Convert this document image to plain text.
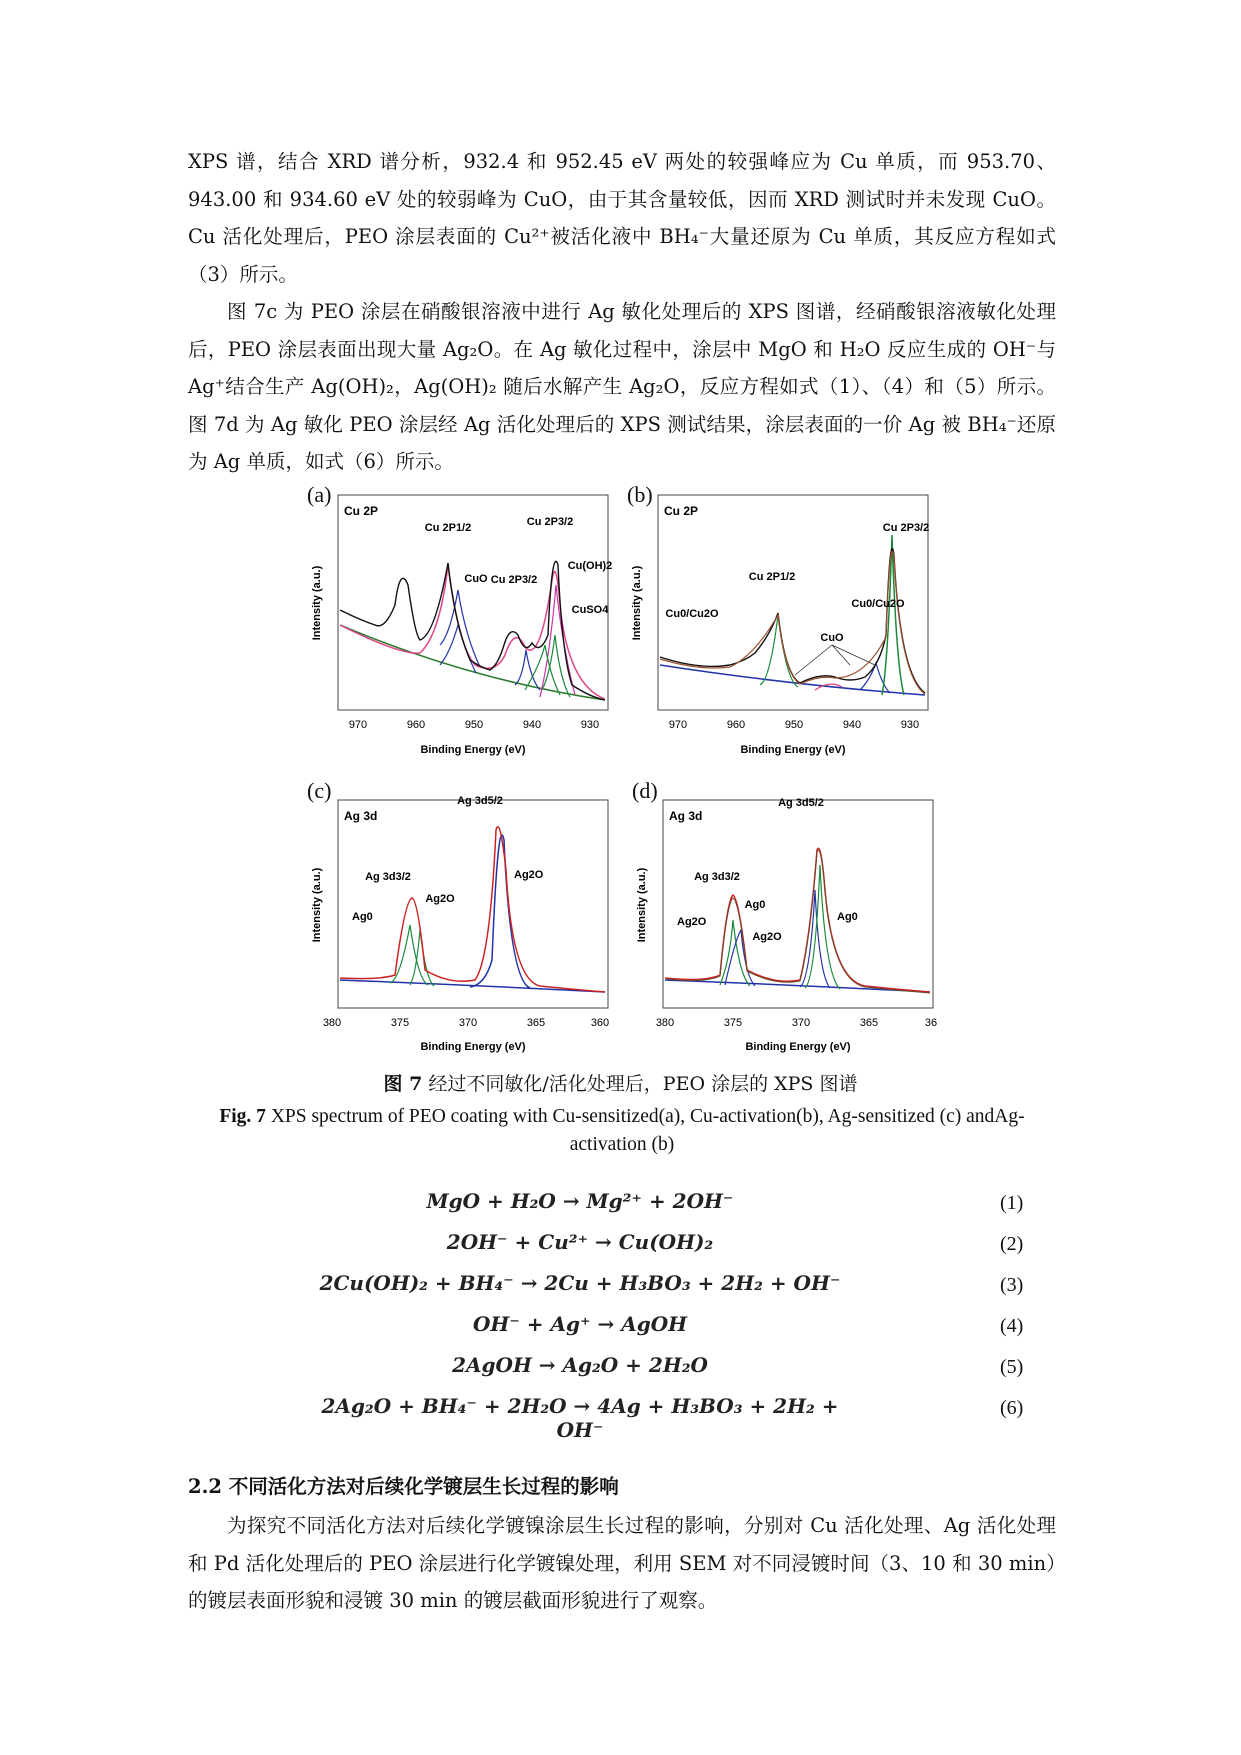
XPS 谱，结合 XRD 谱分析，932.4 和 952.45 eV 两处的较强峰应为 Cu 单质，而 953.70、943.00 和 934.60 eV 处的较弱峰为 CuO，由于其含量较低，因而 XRD 测试时并未发现 CuO。Cu 活化处理后，PEO 涂层表面的 Cu²⁺被活化液中 BH₄⁻大量还原为 Cu 单质，其反应方程如式（3）所示。

图 7c 为 PEO 涂层在硝酸银溶液中进行 Ag 敏化处理后的 XPS 图谱，经硝酸银溶液敏化处理后，PEO 涂层表面出现大量 Ag₂O。在 Ag 敏化过程中，涂层中 MgO 和 H₂O 反应生成的 OH⁻与 Ag⁺结合生产 Ag(OH)₂，Ag(OH)₂ 随后水解产生 Ag₂O，反应方程如式（1）、（4）和（5）所示。图 7d 为 Ag 敏化 PEO 涂层经 Ag 活化处理后的 XPS 测试结果，涂层表面的一价 Ag 被 BH₄⁻还原为 Ag 单质，如式（6）所示。

(a)
Cu 2P
970	960	950	940	930
Binding Energy (eV)
Intensity (a.u.)
Cu 2P1/2
Cu 2P3/2
Cu 2P3/2
CuO
Cu(OH)2
CuSO4
(b)
Cu 2P
970	960	950	940	930
Binding Energy (eV)
Intensity (a.u.)
Cu 2P3/2
Cu 2P1/2
Cu0/Cu2O
Cu0/Cu2O
CuO
(c)
Ag 3d
380	375	370	365	360
Binding Energy (eV)
Intensity (a.u.)	Ag 3d3/2
Ag 3d5/2
Ag2O
Ag2O
Ag0
(d)
Ag 3d
380	375	370	365	36
Binding Energy (eV)
Intensity (a.u.)	Ag 3d3/2
Ag 3d5/2
Ag0
Ag2O	Ag0
Ag2O
图 7 经过不同敏化/活化处理后，PEO 涂层的 XPS 图谱
Fig. 7 XPS spectrum of PEO coating with Cu-sensitized(a), Cu-activation(b), Ag-sensitized (c) andAg-activation (b)
MgO + H₂O → Mg²⁺ + 2OH⁻	(1)
2OH⁻ + Cu²⁺ → Cu(OH)₂	(2)
2Cu(OH)₂ + BH₄⁻ → 2Cu + H₃BO₃ + 2H₂ + OH⁻	(3)
OH⁻ + Ag⁺ → AgOH	(4)
2AgOH → Ag₂O + 2H₂O	(5)
2Ag₂O + BH₄⁻ + 2H₂O → 4Ag + H₃BO₃ + 2H₂ + OH⁻
(6)
2.2 不同活化方法对后续化学镀层生长过程的影响

为探究不同活化方法对后续化学镀镍涂层生长过程的影响，分别对 Cu 活化处理、Ag 活化处理和 Pd 活化处理后的 PEO 涂层进行化学镀镍处理，利用 SEM 对不同浸镀时间（3、10 和 30 min）的镀层表面形貌和浸镀 30 min 的镀层截面形貌进行了观察。
